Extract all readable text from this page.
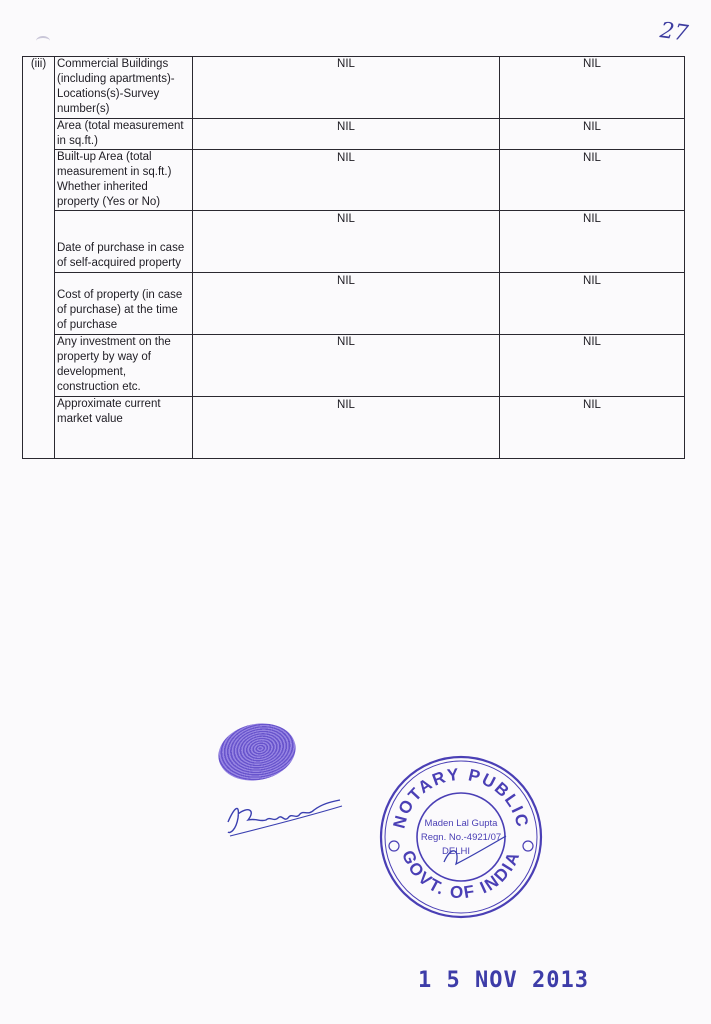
27
(iii)	Commercial Buildings (including apartments)-Locations(s)-Survey number(s)	NIL	NIL
	Area (total measurement in sq.ft.)	NIL	NIL
	Built-up Area (total measurement in sq.ft.) Whether inherited property (Yes or No)	NIL	NIL
	Date of purchase in case of self-acquired property	NIL	NIL
	Cost of property (in case of purchase) at the time of purchase	NIL	NIL
	Any investment on the property by way of development, construction etc.	NIL	NIL
	Approximate current market value	NIL	NIL
NOTARY PUBLIC
GOVT. OF INDIA
Maden Lal Gupta
Regn. No.-4921/07
DELHI
1 5 NOV 2013
